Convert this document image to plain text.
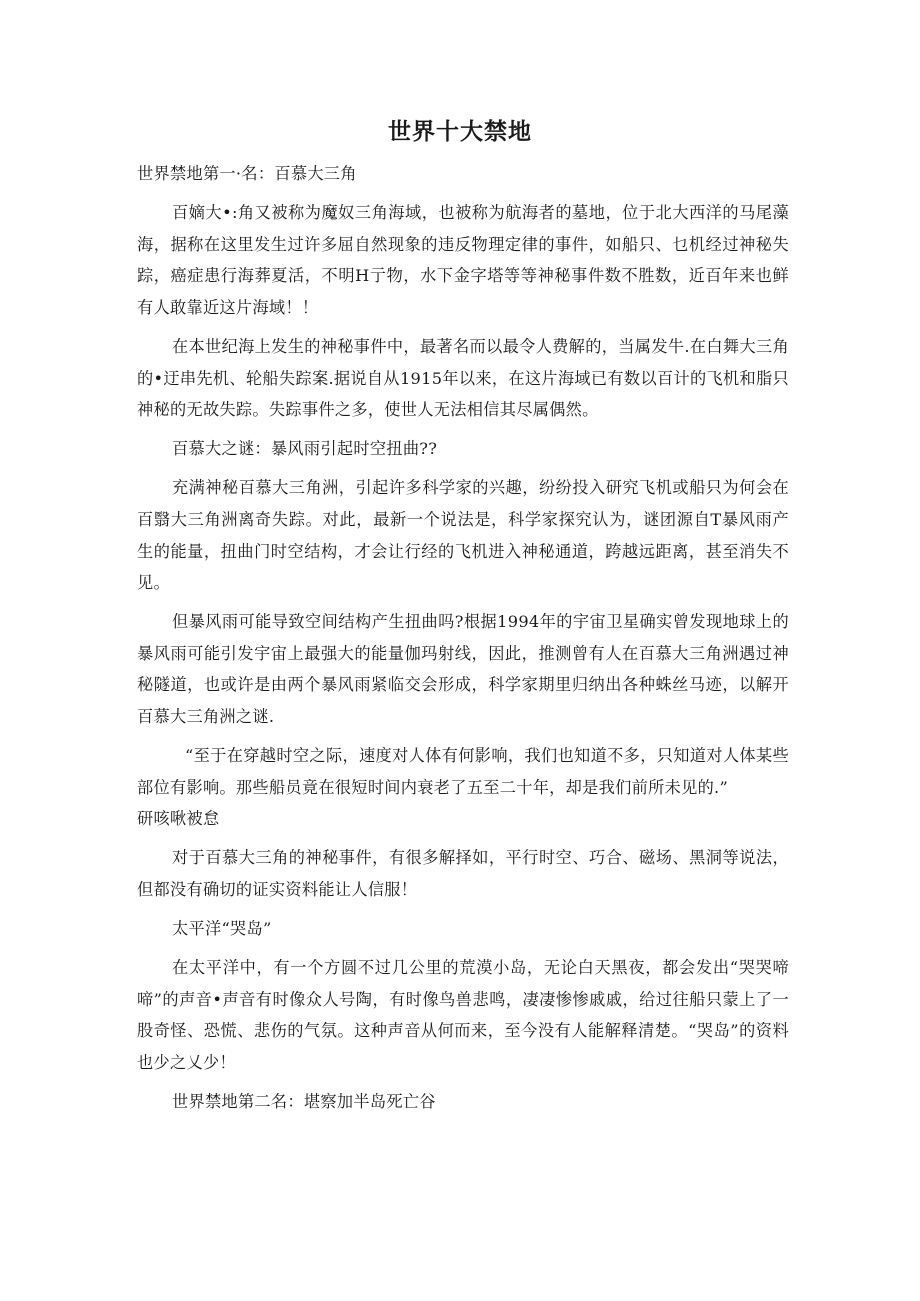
世界十大禁地

世界禁地第一·名：百慕大三角

百嫡大•:角又被称为魔奴三角海域，也被称为航海者的墓地，位于北大西洋的马尾藻海，据称在这里发生过许多屈自然现象的违反物理定律的事件，如船只、乜机经过神秘失踪，癌症患行海葬夏活，不明H亍物，水下金字塔等等神秘事件数不胜数，近百年来也鲜有人敢靠近这片海域！！

在本世纪海上发生的神秘事件中，最著名而以最令人费解的，当属发牛.在白舞大三角的•迂串先机、轮船失踪案.据说自从1915年以来，在这片海域已有数以百计的飞机和脂只神秘的无故失踪。失踪事件之多，使世人无法相信其尽属偶然。

百慕大之谜：暴风雨引起时空扭曲??

充满神秘百慕大三角洲，引起许多科学家的兴趣，纷纷投入研究飞机或船只为何会在百翳大三角洲离奇失踪。对此，最新一个说法是，科学家探究认为，谜团源自T暴风雨产生的能量，扭曲门时空结构，才会让行经的飞机进入神秘通道，跨越远距离，甚至消失不见。

但暴风雨可能导致空间结构产生扭曲吗?根据1994年的宇宙卫星确实曾发现地球上的暴风雨可能引发宇宙上最强大的能量伽玛射线，因此，推测曾有人在百慕大三角洲遇过神秘隧道，也或许是由两个暴风雨紧临交会形成，科学家期里归纳出各种蛛丝马迹，以解开百慕大三角洲之谜.

“至于在穿越时空之际，速度对人体有何影响，我们也知道不多，只知道对人体某些部位有影响。那些船员竟在很短时间内衰老了五至二十年，却是我们前所未见的.”

研咳啾被怠

对于百慕大三角的神秘事件，有很多解择如，平行时空、巧合、磁场、黑洞等说法，但都没有确切的证实资料能让人信服！

太平洋“哭岛”

在太平洋中，有一个方圆不过几公里的荒漠小岛，无论白天黑夜，都会发出“哭哭啼啼”的声音•声音有时像众人号陶，有时像鸟兽悲鸣，凄凄惨惨戚戚，给过往船只蒙上了一股奇怪、恐慌、悲伤的气氛。这种声音从何而来，至今没有人能解释清楚。“哭岛”的资料也少之乂少！

世界禁地第二名：堪察加半岛死亡谷
